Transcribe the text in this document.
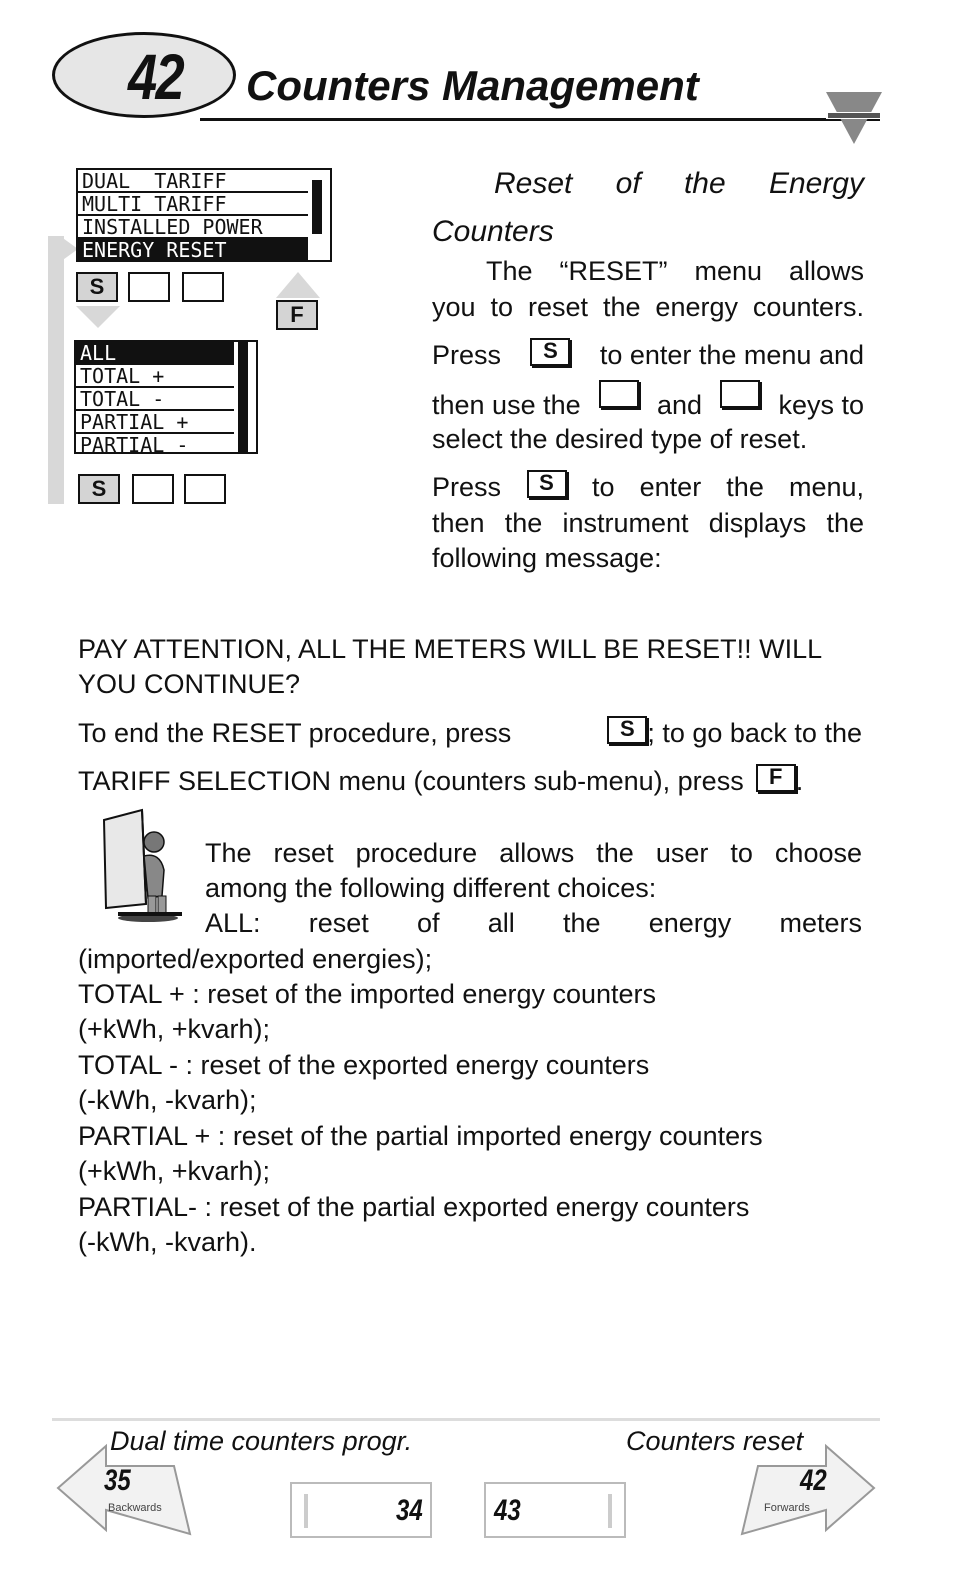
42 Counters Management
DUAL  TARIFF
MULTI TARIFF
INSTALLED POWER
ENERGY RESET
S
F
ALL
TOTAL +
TOTAL -
PARTIAL +
PARTIAL -
S
Reset of the Energy
Counters
The “RESET” menu allows
you to reset the energy counters.
Press	S	to enter the menu and
then use the	and	keys to
select the desired type of reset.
Press	S	to enter the menu,
then the instrument displays the
following message:
PAY ATTENTION, ALL THE METERS WILL BE RESET!! WILL
YOU CONTINUE?
To end the RESET procedure, press	S ; to go back to the
TARIFF SELECTION menu (counters sub-menu), press	F .
The reset procedure allows the user to choose
among the following different choices:
ALL: reset of all the energy meters
(imported/exported energies);
TOTAL + : reset of the imported energy counters
(+kWh, +kvarh);
TOTAL - : reset of the exported energy counters
(-kWh, -kvarh);
PARTIAL + : reset of the partial imported energy counters
(+kWh, +kvarh);
PARTIAL- : reset of the partial exported energy counters
(-kWh, -kvarh).
Dual time counters progr.
35
Backwards
Counters reset
42
Forwards
34 43
